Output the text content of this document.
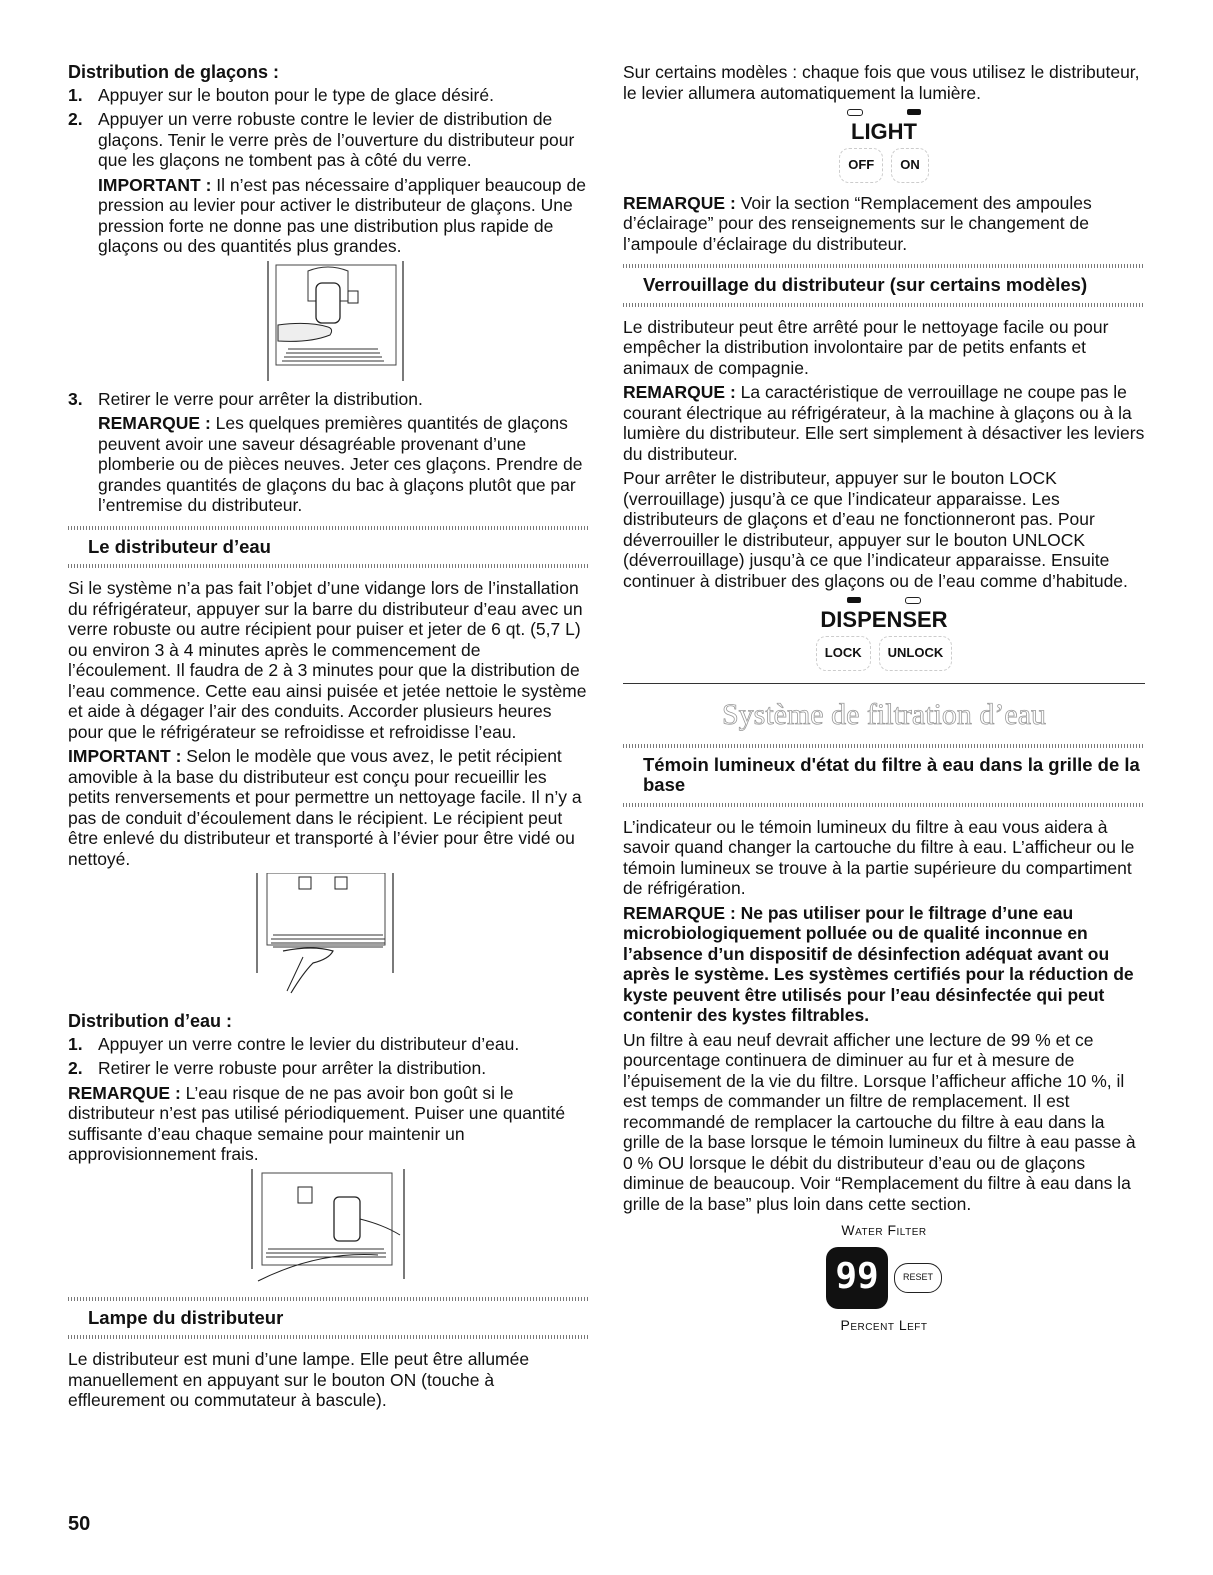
Distribution de glaçons :

1. Appuyer sur le bouton pour le type de glace désiré.
2. Appuyer un verre robuste contre le levier de distribution de glaçons. Tenir le verre près de l’ouverture du distributeur pour que les glaçons ne tombent pas à côté du verre.

IMPORTANT : Il n’est pas nécessaire d’appliquer beaucoup de pression au levier pour activer le distributeur de glaçons. Une pression forte ne donne pas une distribution plus rapide de glaçons ou des quantités plus grandes.

3. Retirer le verre pour arrêter la distribution.

REMARQUE : Les quelques premières quantités de glaçons peuvent avoir une saveur désagréable provenant d’une plomberie ou de pièces neuves. Jeter ces glaçons. Prendre de grandes quantités de glaçons du bac à glaçons plutôt que par l’entremise du distributeur.

Le distributeur d’eau

Si le système n’a pas fait l’objet d’une vidange lors de l’installation du réfrigérateur, appuyer sur la barre du distributeur d’eau avec un verre robuste ou autre récipient pour puiser et jeter de 6 qt. (5,7 L) ou environ 3 à 4 minutes après le commencement de l’écoulement. Il faudra de 2 à 3 minutes pour que la distribution de l’eau commence. Cette eau ainsi puisée et jetée nettoie le système et aide à dégager l’air des conduits. Accorder plusieurs heures pour que le réfrigérateur se refroidisse et refroidisse l’eau.

IMPORTANT : Selon le modèle que vous avez, le petit récipient amovible à la base du distributeur est conçu pour recueillir les petits renversements et pour permettre un nettoyage facile. Il n’y a pas de conduit d’écoulement dans le récipient. Le récipient peut être enlevé du distributeur et transporté à l’évier pour être vidé ou nettoyé.

Distribution d’eau :

1. Appuyer un verre contre le levier du distributeur d’eau.
2. Retirer le verre robuste pour arrêter la distribution.

REMARQUE : L’eau risque de ne pas avoir bon goût si le distributeur n’est pas utilisé périodiquement. Puiser une quantité suffisante d’eau chaque semaine pour maintenir un approvisionnement frais.

Lampe du distributeur

Le distributeur est muni d’une lampe. Elle peut être allumée manuellement en appuyant sur le bouton ON (touche à effleurement ou commutateur à bascule).

Sur certains modèles : chaque fois que vous utilisez le distributeur, le levier allumera automatiquement la lumière.

LIGHT
OFF	ON

REMARQUE : Voir la section “Remplacement des ampoules d’éclairage” pour des renseignements sur le changement de l’ampoule d’éclairage du distributeur.

Verrouillage du distributeur (sur certains modèles)

Le distributeur peut être arrêté pour le nettoyage facile ou pour empêcher la distribution involontaire par de petits enfants et animaux de compagnie.

REMARQUE : La caractéristique de verrouillage ne coupe pas le courant électrique au réfrigérateur, à la machine à glaçons ou à la lumière du distributeur. Elle sert simplement à désactiver les leviers du distributeur.

Pour arrêter le distributeur, appuyer sur le bouton LOCK (verrouillage) jusqu’à ce que l’indicateur apparaisse. Les distributeurs de glaçons et d’eau ne fonctionneront pas. Pour déverrouiller le distributeur, appuyer sur le bouton UNLOCK (déverrouillage) jusqu’à ce que l’indicateur apparaisse. Ensuite continuer à distribuer des glaçons ou de l’eau comme d’habitude.

DISPENSER
LOCK	UNLOCK
Système de filtration d’eau
Témoin lumineux d'état du filtre à eau dans la grille de la base

L’indicateur ou le témoin lumineux du filtre à eau vous aidera à savoir quand changer la cartouche du filtre à eau. L’afficheur ou le témoin lumineux se trouve à la partie supérieure du compartiment de réfrigération.

REMARQUE : Ne pas utiliser pour le filtrage d’une eau microbiologiquement polluée ou de qualité inconnue en l’absence d’un dispositif de désinfection adéquat avant ou après le système. Les systèmes certifiés pour la réduction de kyste peuvent être utilisés pour l’eau désinfectée qui peut contenir des kystes filtrables.

Un filtre à eau neuf devrait afficher une lecture de 99 % et ce pourcentage continuera de diminuer au fur et à mesure de l’épuisement de la vie du filtre. Lorsque l’afficheur affiche 10 %, il est temps de commander un filtre de remplacement. Il est recommandé de remplacer la cartouche du filtre à eau dans la grille de la base lorsque le témoin lumineux du filtre à eau passe à 0 % OU lorsque le débit du distributeur d’eau ou de glaçons diminue de beaucoup. Voir “Remplacement du filtre à eau dans la grille de la base” plus loin dans cette section.

Water Filter
99	RESET
Percent Left
50
